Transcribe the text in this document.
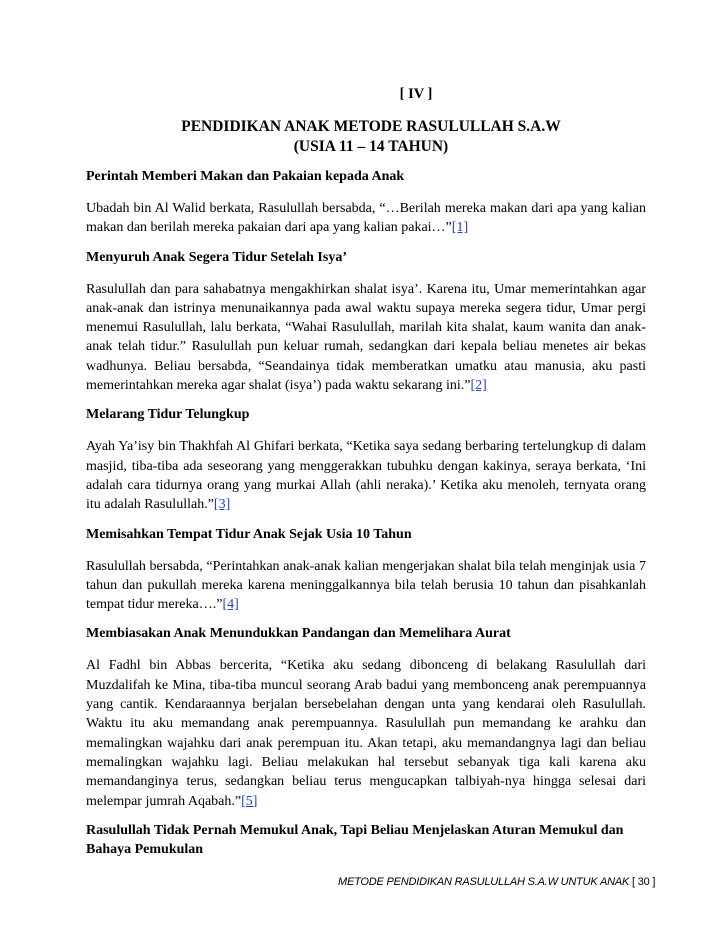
[ IV ]
PENDIDIKAN ANAK METODE RASULULLAH S.A.W
(USIA 11 – 14 TAHUN)
Perintah Memberi Makan dan Pakaian kepada Anak

Ubadah bin Al Walid berkata, Rasulullah bersabda, “…Berilah mereka makan dari apa yang kalian makan dan berilah mereka pakaian dari apa yang kalian pakai…”[1]

Menyuruh Anak Segera Tidur Setelah Isya’

Rasulullah dan para sahabatnya mengakhirkan shalat isya’. Karena itu, Umar memerintahkan agar anak-anak dan istrinya menunaikannya pada awal waktu supaya mereka segera tidur, Umar pergi menemui Rasulullah, lalu berkata, “Wahai Rasulullah, marilah kita shalat, kaum wanita dan anak-anak telah tidur.” Rasulullah pun keluar rumah, sedangkan dari kepala beliau menetes air bekas wadhunya. Beliau bersabda, “Seandainya tidak memberatkan umatku atau manusia, aku pasti memerintahkan mereka agar shalat (isya’) pada waktu sekarang ini.”[2]

Melarang Tidur Telungkup

Ayah Ya’isy bin Thakhfah Al Ghifari berkata, “Ketika saya sedang berbaring tertelungkup di dalam masjid, tiba-tiba ada seseorang yang menggerakkan tubuhku dengan kakinya, seraya berkata, ‘Ini adalah cara tidurnya orang yang murkai Allah (ahli neraka).’ Ketika aku menoleh, ternyata orang itu adalah Rasulullah.”[3]

Memisahkan Tempat Tidur Anak Sejak Usia 10 Tahun

Rasulullah bersabda, “Perintahkan anak-anak kalian mengerjakan shalat bila telah menginjak usia 7 tahun dan pukullah mereka karena meninggalkannya bila telah berusia 10 tahun dan pisahkanlah tempat tidur mereka….”[4]

Membiasakan Anak Menundukkan Pandangan dan Memelihara Aurat

Al Fadhl bin Abbas bercerita, “Ketika aku sedang dibonceng di belakang Rasulullah dari Muzdalifah ke Mina, tiba-tiba muncul seorang Arab badui yang membonceng anak perempuannya yang cantik. Kendaraannya berjalan bersebelahan dengan unta yang kendarai oleh Rasulullah. Waktu itu aku memandang anak perempuannya. Rasulullah pun memandang ke arahku dan memalingkan wajahku dari anak perempuan itu. Akan tetapi, aku memandangnya lagi dan beliau memalingkan wajahku lagi. Beliau melakukan hal tersebut sebanyak tiga kali karena aku memandanginya terus, sedangkan beliau terus mengucapkan talbiyah-nya hingga selesai dari melempar jumrah Aqabah.”[5]

Rasulullah Tidak Pernah Memukul Anak, Tapi Beliau Menjelaskan Aturan Memukul dan Bahaya Pemukulan
METODE PENDIDIKAN RASULULLAH S.A.W UNTUK ANAK [ 30 ]
